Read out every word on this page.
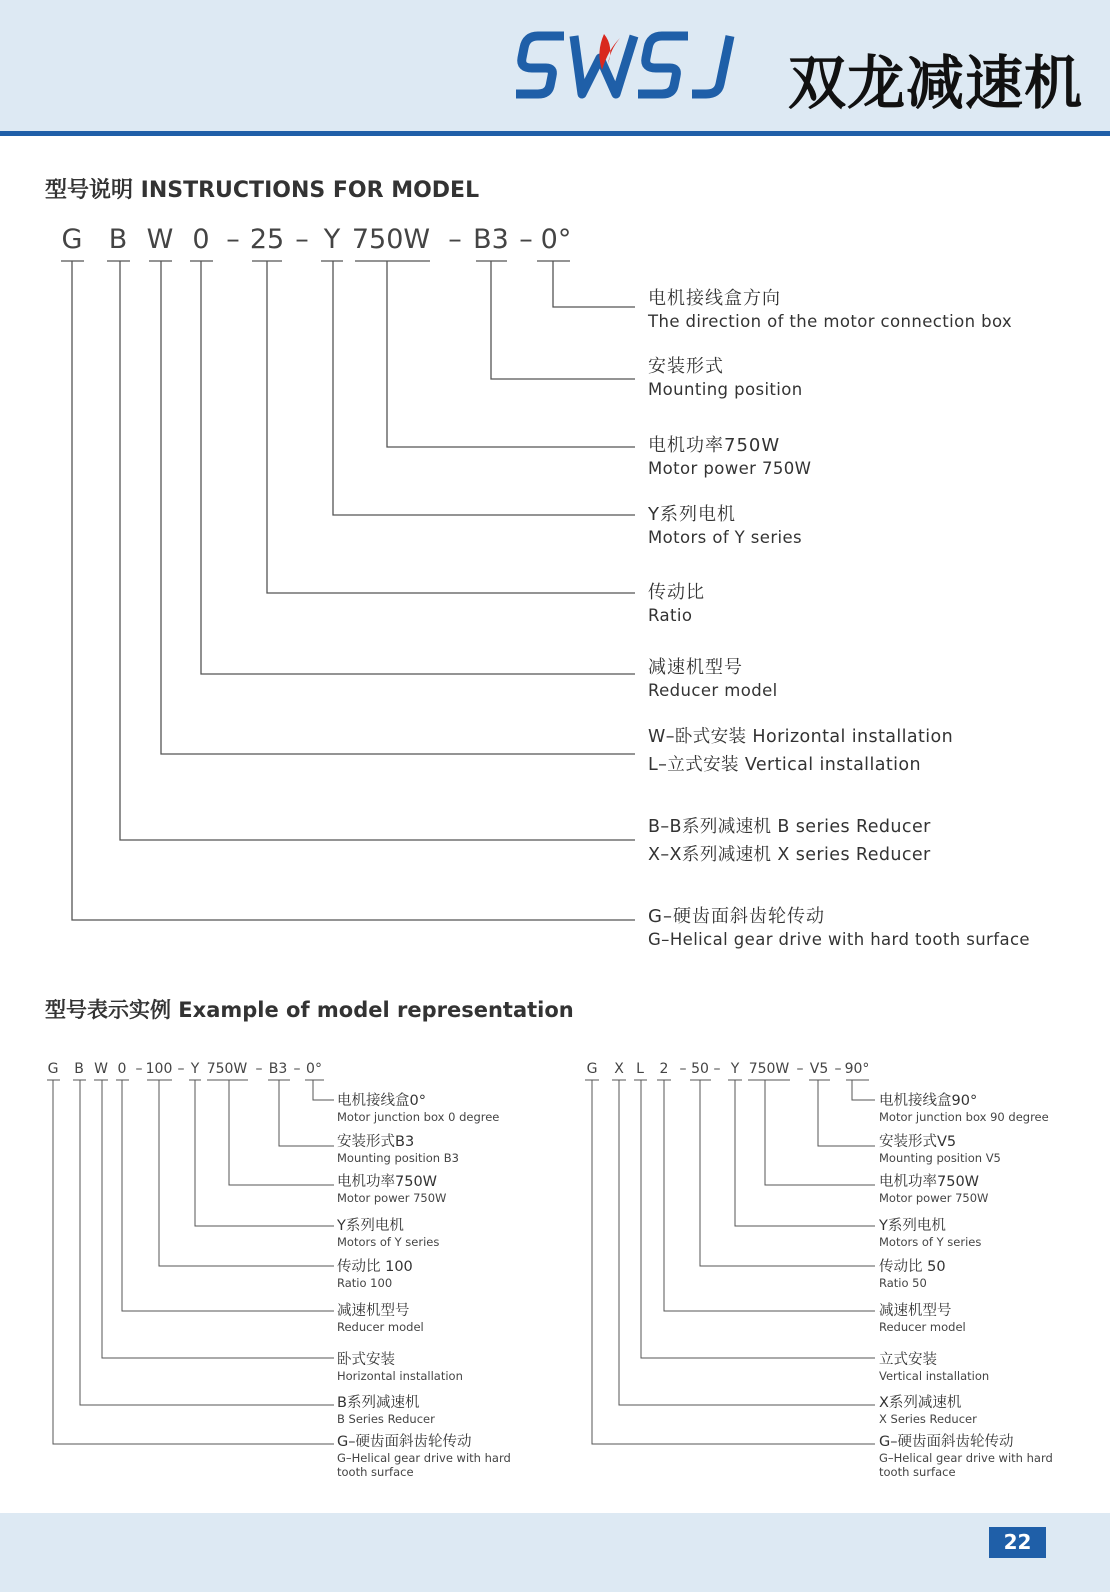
双龙减速机
型号说明 INSTRUCTIONS FOR MODEL
G B W 0 – 25 – Y 750W – B3 – 0°
电机接线盒方向
The direction of the motor connection box
安装形式
Mounting position
电机功率750W
Motor power 750W
Y系列电机
Motors of Y series
传动比
Ratio
减速机型号
Reducer model
W–卧式安装 Horizontal installation
L–立式安装 Vertical installation
B–B系列减速机 B series Reducer
X–X系列减速机 X series Reducer
G–硬齿面斜齿轮传动
G–Helical gear drive with hard tooth surface
型号表示实例 Example of model representation
G B W 0 – 100 – Y 750W – B3 – 0°	G X L 2 – 50 – Y 750W – V5 – 90°
电机接线盒0°
Motor junction box 0 degree
安装形式B3
Mounting position B3
电机功率750W
Motor power 750W
Y系列电机
Motors of Y series
传动比 100
Ratio 100
减速机型号
Reducer model
卧式安装
Horizontal installation
B系列减速机
B Series Reducer
G–硬齿面斜齿轮传动
G–Helical gear drive with hard
tooth surface
电机接线盒90°
Motor junction box 90 degree
安装形式V5
Mounting position V5
电机功率750W
Motor power 750W
Y系列电机
Motors of Y series
传动比 50
Ratio 50
减速机型号
Reducer model
立式安装
Vertical installation
X系列减速机
X Series Reducer
G–硬齿面斜齿轮传动
G–Helical gear drive with hard
tooth surface
22
